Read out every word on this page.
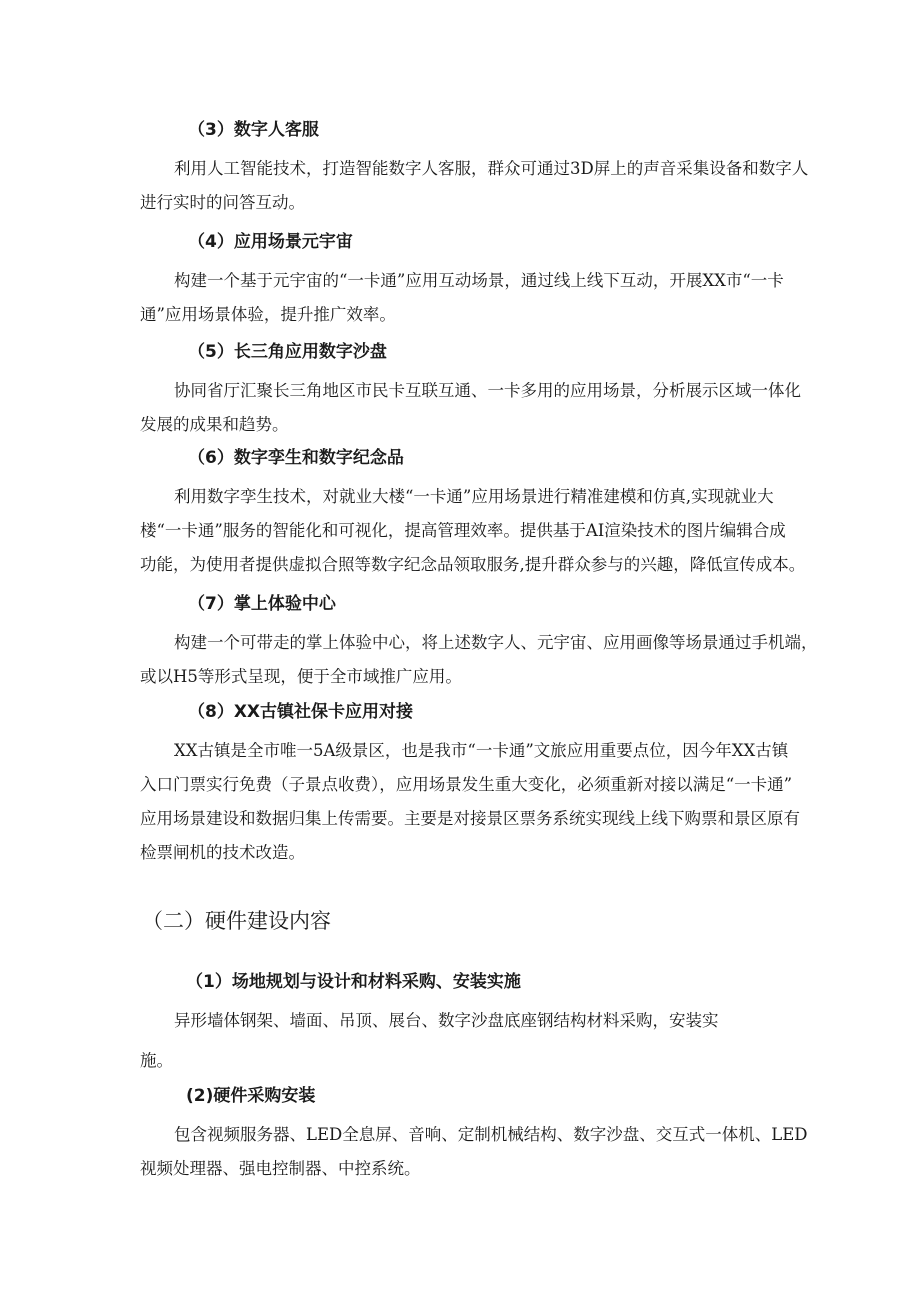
（3）数字人客服
利用人工智能技术，打造智能数字人客服，群众可通过3D屏上的声音采集设备和数字人
进行实时的问答互动。
（4）应用场景元宇宙
构建一个基于元宇宙的“一卡通”应用互动场景，通过线上线下互动，开展XX市“一卡
通”应用场景体验，提升推广效率。
（5）长三角应用数字沙盘
协同省厅汇聚长三角地区市民卡互联互通、一卡多用的应用场景，分析展示区域一体化
发展的成果和趋势。
（6）数字孪生和数字纪念品
利用数字孪生技术，对就业大楼“一卡通”应用场景进行精准建模和仿真,实现就业大
楼“一卡通”服务的智能化和可视化，提高管理效率。提供基于AI渲染技术的图片编辑合成
功能，为使用者提供虚拟合照等数字纪念品领取服务,提升群众参与的兴趣，降低宣传成本。
（7）掌上体验中心
构建一个可带走的掌上体验中心，将上述数字人、元宇宙、应用画像等场景通过手机端，
或以H5等形式呈现，便于全市域推广应用。
（8）XX古镇社保卡应用对接
XX古镇是全市唯一5A级景区，也是我市“一卡通”文旅应用重要点位，因今年XX古镇
入口门票实行免费（子景点收费），应用场景发生重大变化，必须重新对接以满足“一卡通”
应用场景建设和数据归集上传需要。主要是对接景区票务系统实现线上线下购票和景区原有
检票闸机的技术改造。
（二）硬件建设内容
（1）场地规划与设计和材料采购、安装实施
异形墙体钢架、墙面、吊顶、展台、数字沙盘底座钢结构材料采购，安装实
施。
(2)硬件采购安装
包含视频服务器、LED全息屏、音响、定制机械结构、数字沙盘、交互式一体机、LED
视频处理器、强电控制器、中控系统。
